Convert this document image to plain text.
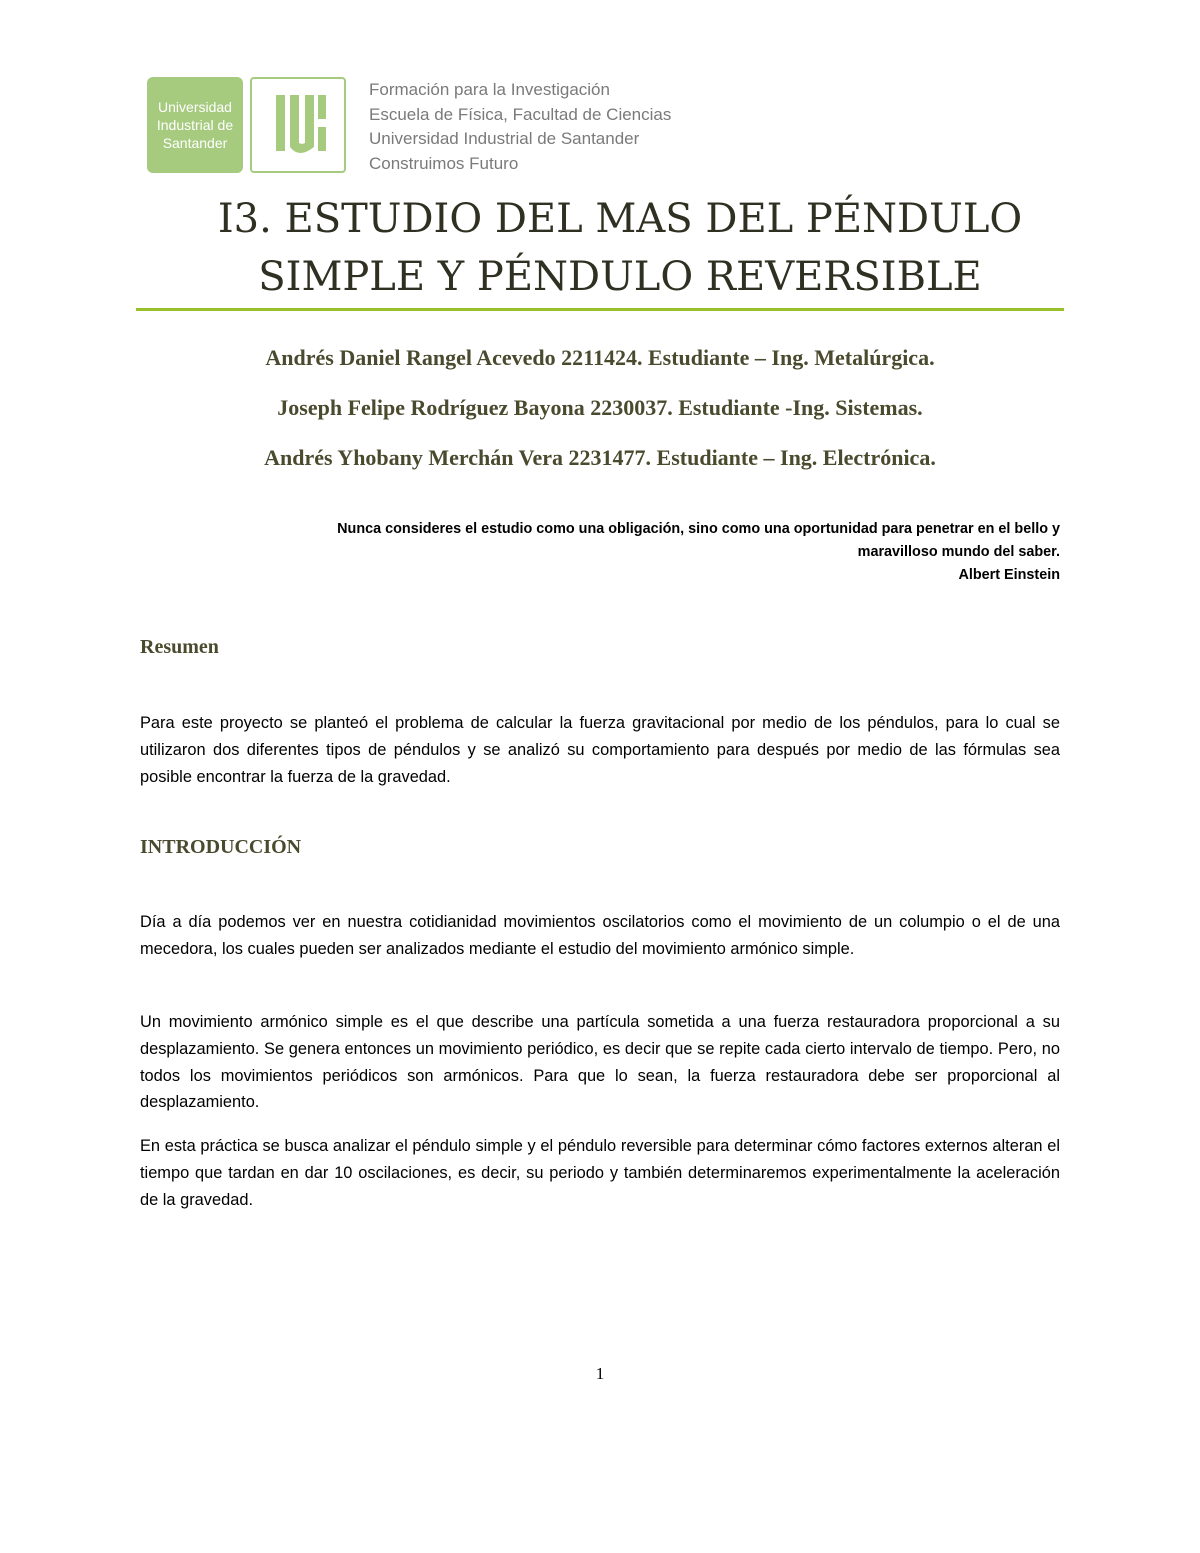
Universidad
Industrial de
Santander
Formación para la Investigación
Escuela de Física, Facultad de Ciencias
Universidad Industrial de Santander
Construimos Futuro
I3. ESTUDIO DEL MAS DEL PÉNDULO
SIMPLE Y PÉNDULO REVERSIBLE
Andrés Daniel Rangel Acevedo 2211424. Estudiante – Ing. Metalúrgica.
Joseph Felipe Rodríguez Bayona 2230037. Estudiante -Ing. Sistemas.
Andrés Yhobany Merchán Vera 2231477. Estudiante – Ing. Electrónica.
Nunca consideres el estudio como una obligación, sino como una oportunidad para penetrar en el bello y
maravilloso mundo del saber.
Albert Einstein
Resumen
Para este proyecto se planteó el problema de calcular la fuerza gravitacional por medio de los péndulos, para lo cual se utilizaron dos diferentes tipos de péndulos y se analizó su comportamiento para después por medio de las fórmulas sea posible encontrar la fuerza de la gravedad.
INTRODUCCIÓN
Día a día podemos ver en nuestra cotidianidad movimientos oscilatorios como el movimiento de un columpio o el de una mecedora, los cuales pueden ser analizados mediante el estudio del movimiento armónico simple.
Un movimiento armónico simple es el que describe una partícula sometida a una fuerza restauradora proporcional a su desplazamiento. Se genera entonces un movimiento periódico, es decir que se repite cada cierto intervalo de tiempo. Pero, no todos los movimientos periódicos son armónicos. Para que lo sean, la fuerza restauradora debe ser proporcional al desplazamiento.
En esta práctica se busca analizar el péndulo simple y el péndulo reversible para determinar cómo factores externos alteran el tiempo que tardan en dar 10 oscilaciones, es decir, su periodo y también determinaremos experimentalmente la aceleración de la gravedad.
1
